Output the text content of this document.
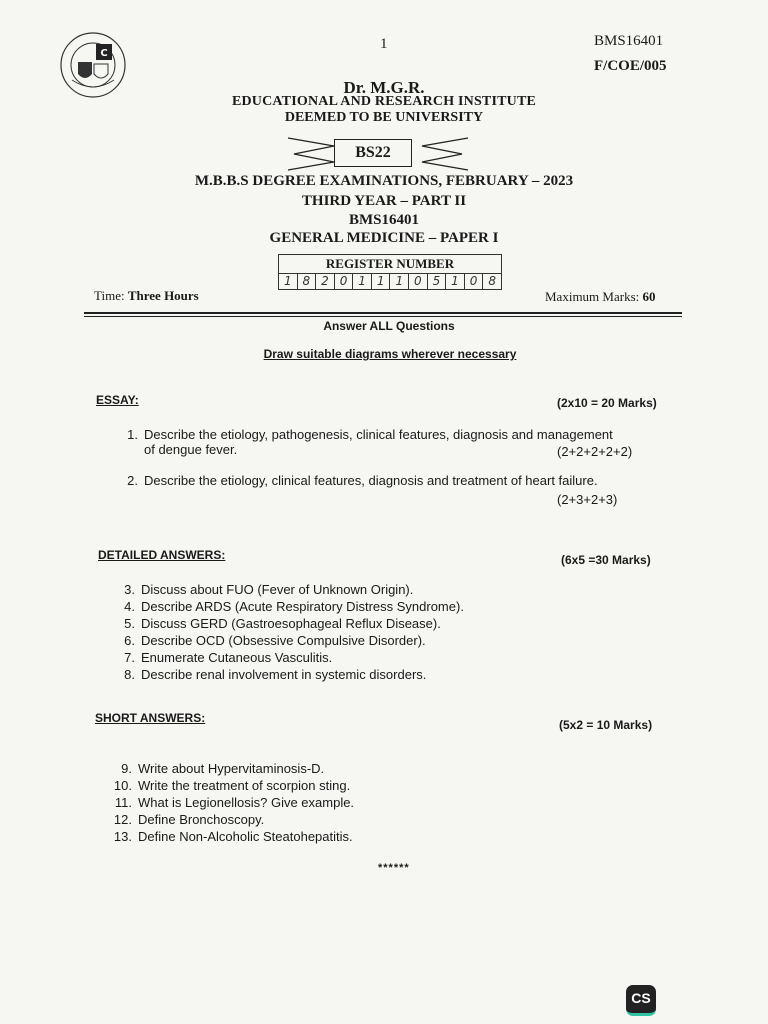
C
1	BMS16401
F/COE/005
Dr. M.G.R.
EDUCATIONAL AND RESEARCH INSTITUTE
DEEMED TO BE UNIVERSITY
BS22
M.B.B.S DEGREE EXAMINATIONS, FEBRUARY – 2023
THIRD YEAR – PART II
BMS16401
GENERAL MEDICINE – PAPER I
REGISTER NUMBER
1 8 2 0 1 1 1 0 5 1 0 8
Time: Three Hours	Maximum Marks: 60
Answer ALL Questions
Draw suitable diagrams wherever necessary
ESSAY:	(2x10 = 20 Marks)
1. Describe the etiology, pathogenesis, clinical features, diagnosis and management
of dengue fever.	(2+2+2+2+2)
2. Describe the etiology, clinical features, diagnosis and treatment of heart failure.
(2+3+2+3)
DETAILED ANSWERS:	(6x5 =30 Marks)
3. Discuss about FUO (Fever of Unknown Origin).
4. Describe ARDS (Acute Respiratory Distress Syndrome).
5. Discuss GERD (Gastroesophageal Reflux Disease).
6. Describe OCD (Obsessive Compulsive Disorder).
7. Enumerate Cutaneous Vasculitis.
8. Describe renal involvement in systemic disorders.
SHORT ANSWERS:	(5x2 = 10 Marks)
9. Write about Hypervitaminosis-D.
10. Write the treatment of scorpion sting.
11. What is Legionellosis? Give example.
12. Define Bronchoscopy.
13. Define Non-Alcoholic Steatohepatitis.
******
CS
